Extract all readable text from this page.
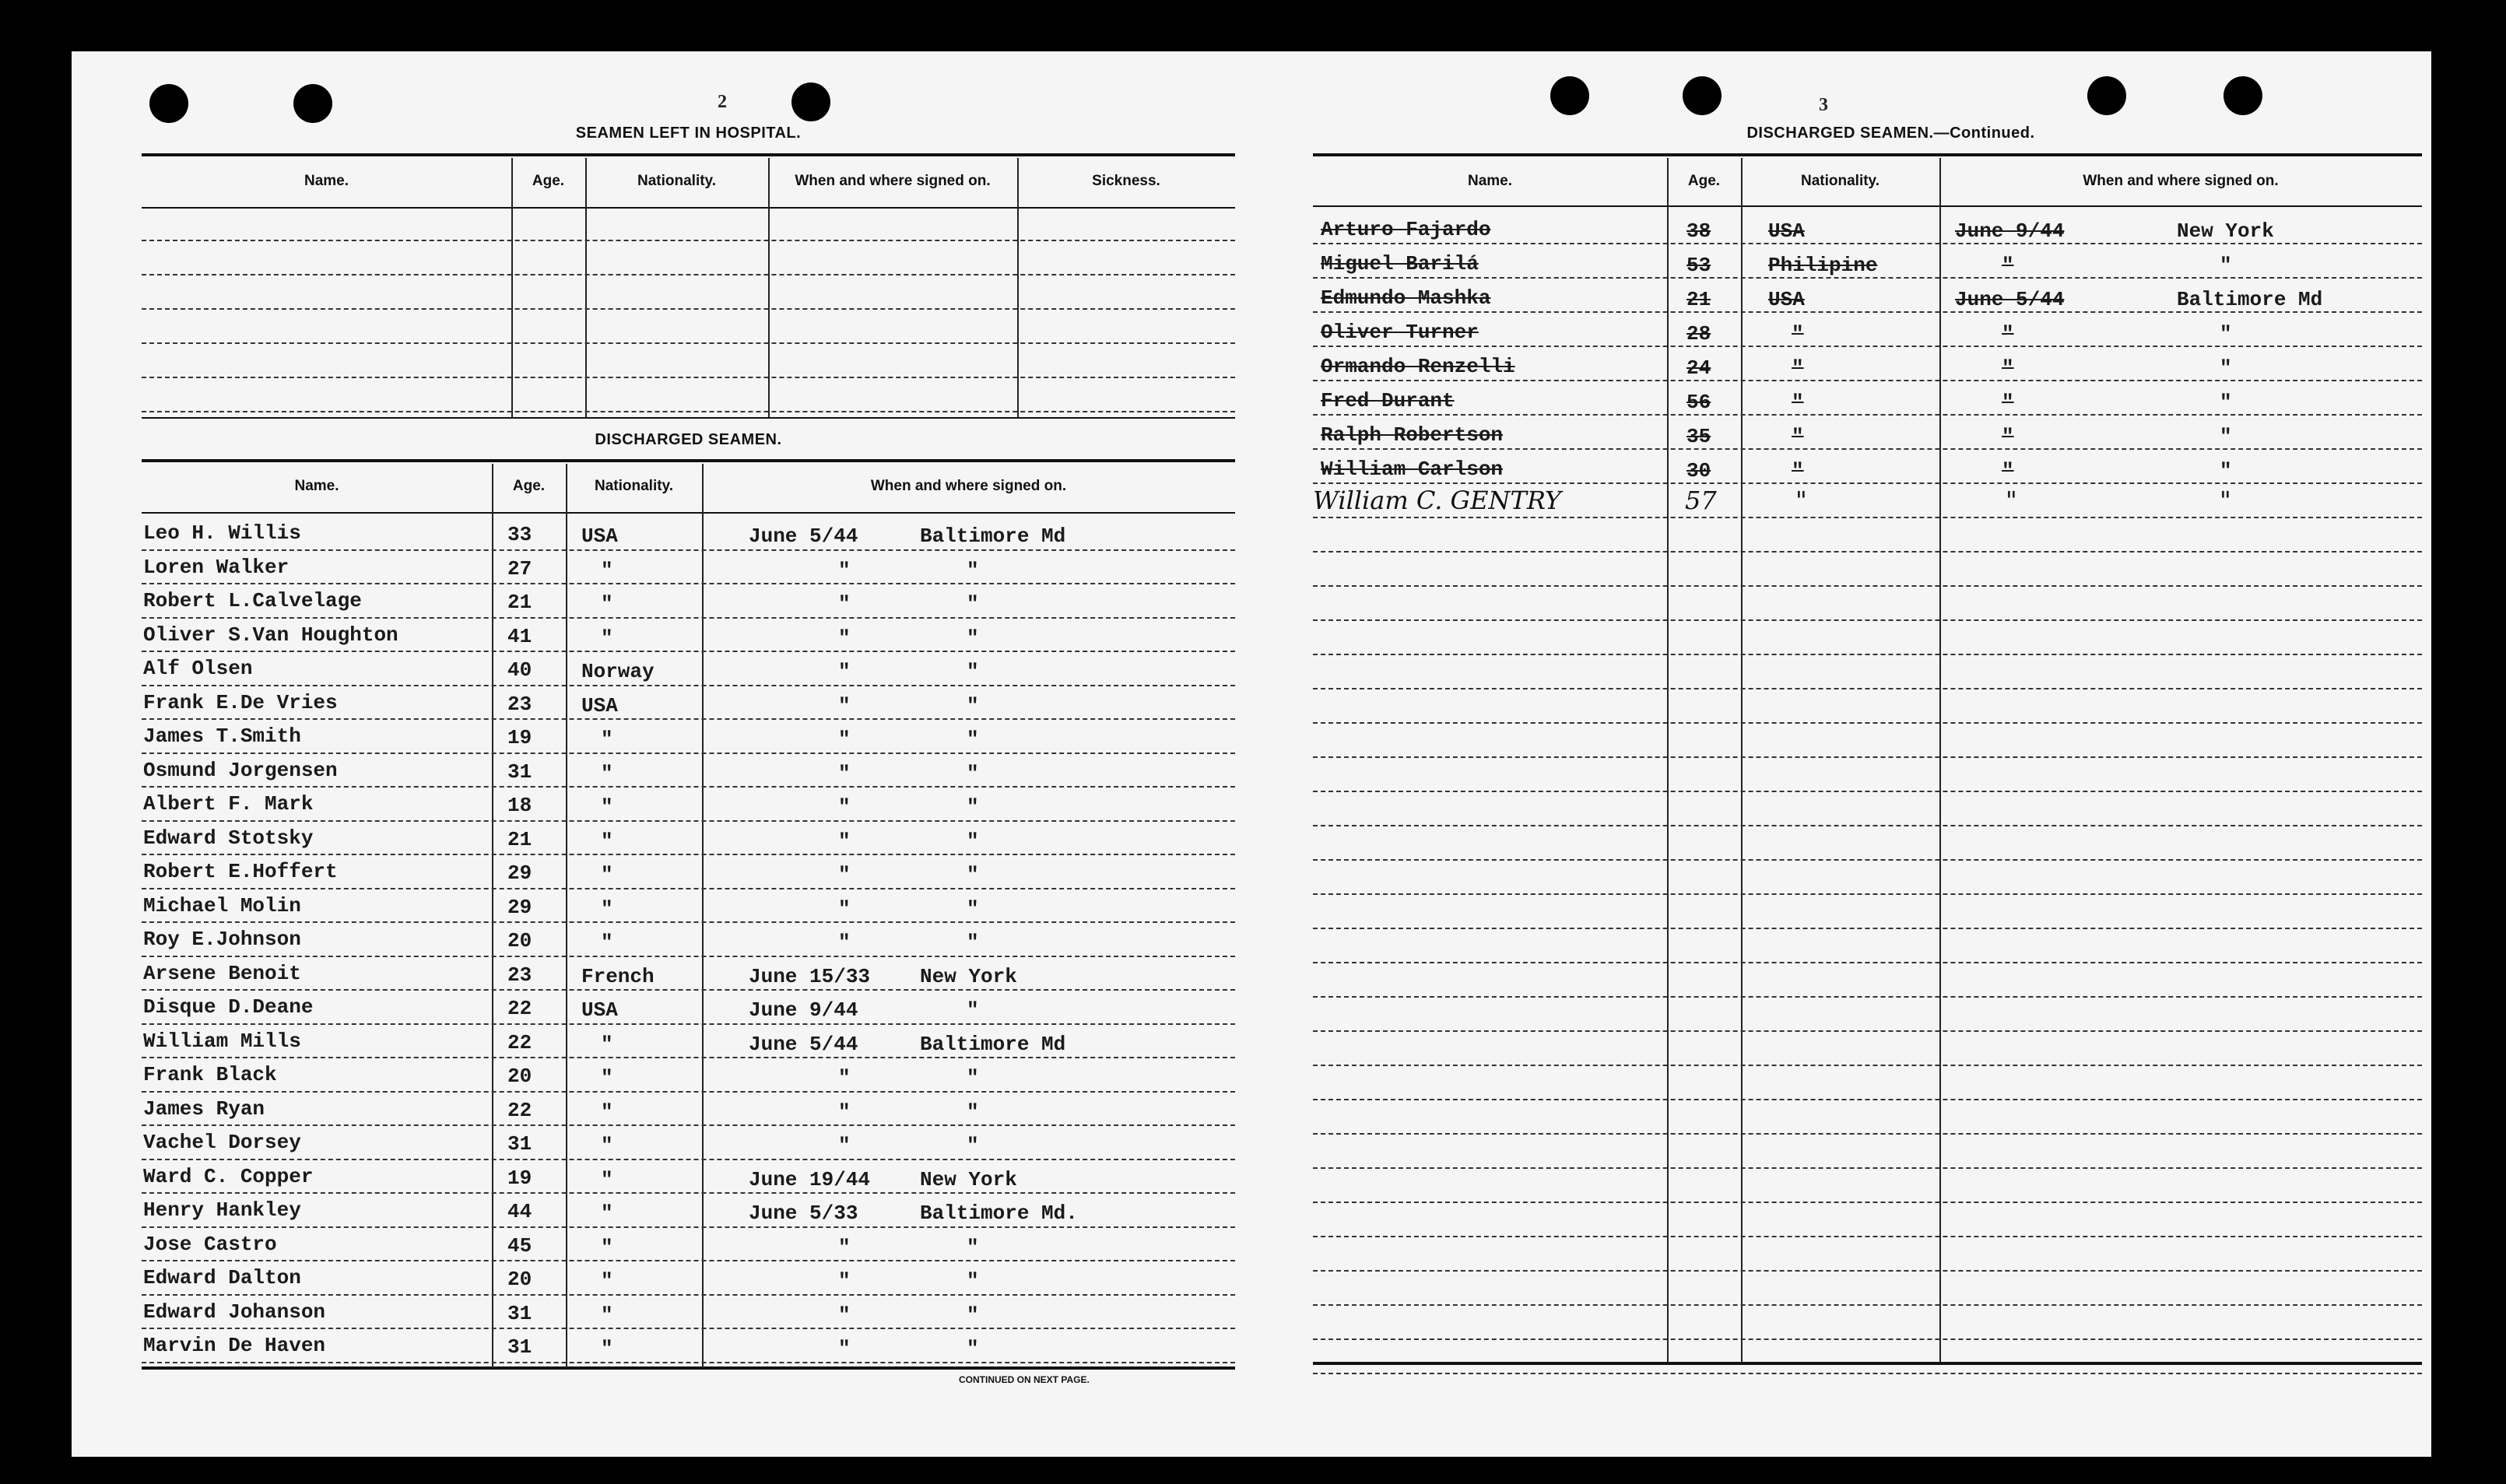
2
SEAMEN LEFT IN HOSPITAL.
DISCHARGED SEAMEN.
CONTINUED ON NEXT PAGE.
Name.	Age.	Nationality.	When and where signed on.	Sickness.
Name.	Age.	Nationality.	When and where signed on.
Leo H. Willis	33 USA	June 5/44	Baltimore Md
Loren Walker	27	"	"	"
Robert L.Calvelage	21	"	"	"
Oliver S.Van Houghton	41	"	"	"
Alf Olsen	40 Norway	"	"
Frank E.De Vries	23 USA	"	"
James T.Smith	19	"	"	"
Osmund Jorgensen	31	"	"	"
Albert F. Mark	18	"	"	"
Edward Stotsky	21	"	"	"
Robert E.Hoffert	29	"	"	"
Michael Molin	29	"	"	"
Roy E.Johnson	20	"	"	"
Arsene Benoit	23 French	June 15/33 New York
Disque D.Deane	22 USA	June 9/44	"
William Mills	22	"	June 5/44	Baltimore Md
Frank Black	20	"	"	"
James Ryan	22	"	"	"
Vachel Dorsey	31	"	"	"
Ward C. Copper	19	"	June 19/44 New York
Henry Hankley	44	"	June 5/33	Baltimore Md.
Jose Castro	45	"	"	"
Edward Dalton	20	"	"	"
Edward Johanson	31	"	"	"
Marvin De Haven	31	"	"	"
3
DISCHARGED SEAMEN.—Continued.
Name.	Age.	Nationality.	When and where signed on.
Arturo Fajardo	38	USA	June 9/44	New York
Miguel Barilá	53	Philipine	"	"
Edmundo Mashka	21	USA	June 5/44	Baltimore Md
Oliver Turner	28	"	"	"
Ormando Renzelli	24	"	"	"
Fred Durant	56	"	"	"
Ralph Robertson	35	"	"	"
William Carlson	30	"	"	"
William C. GENTRY	57	"	"	"
